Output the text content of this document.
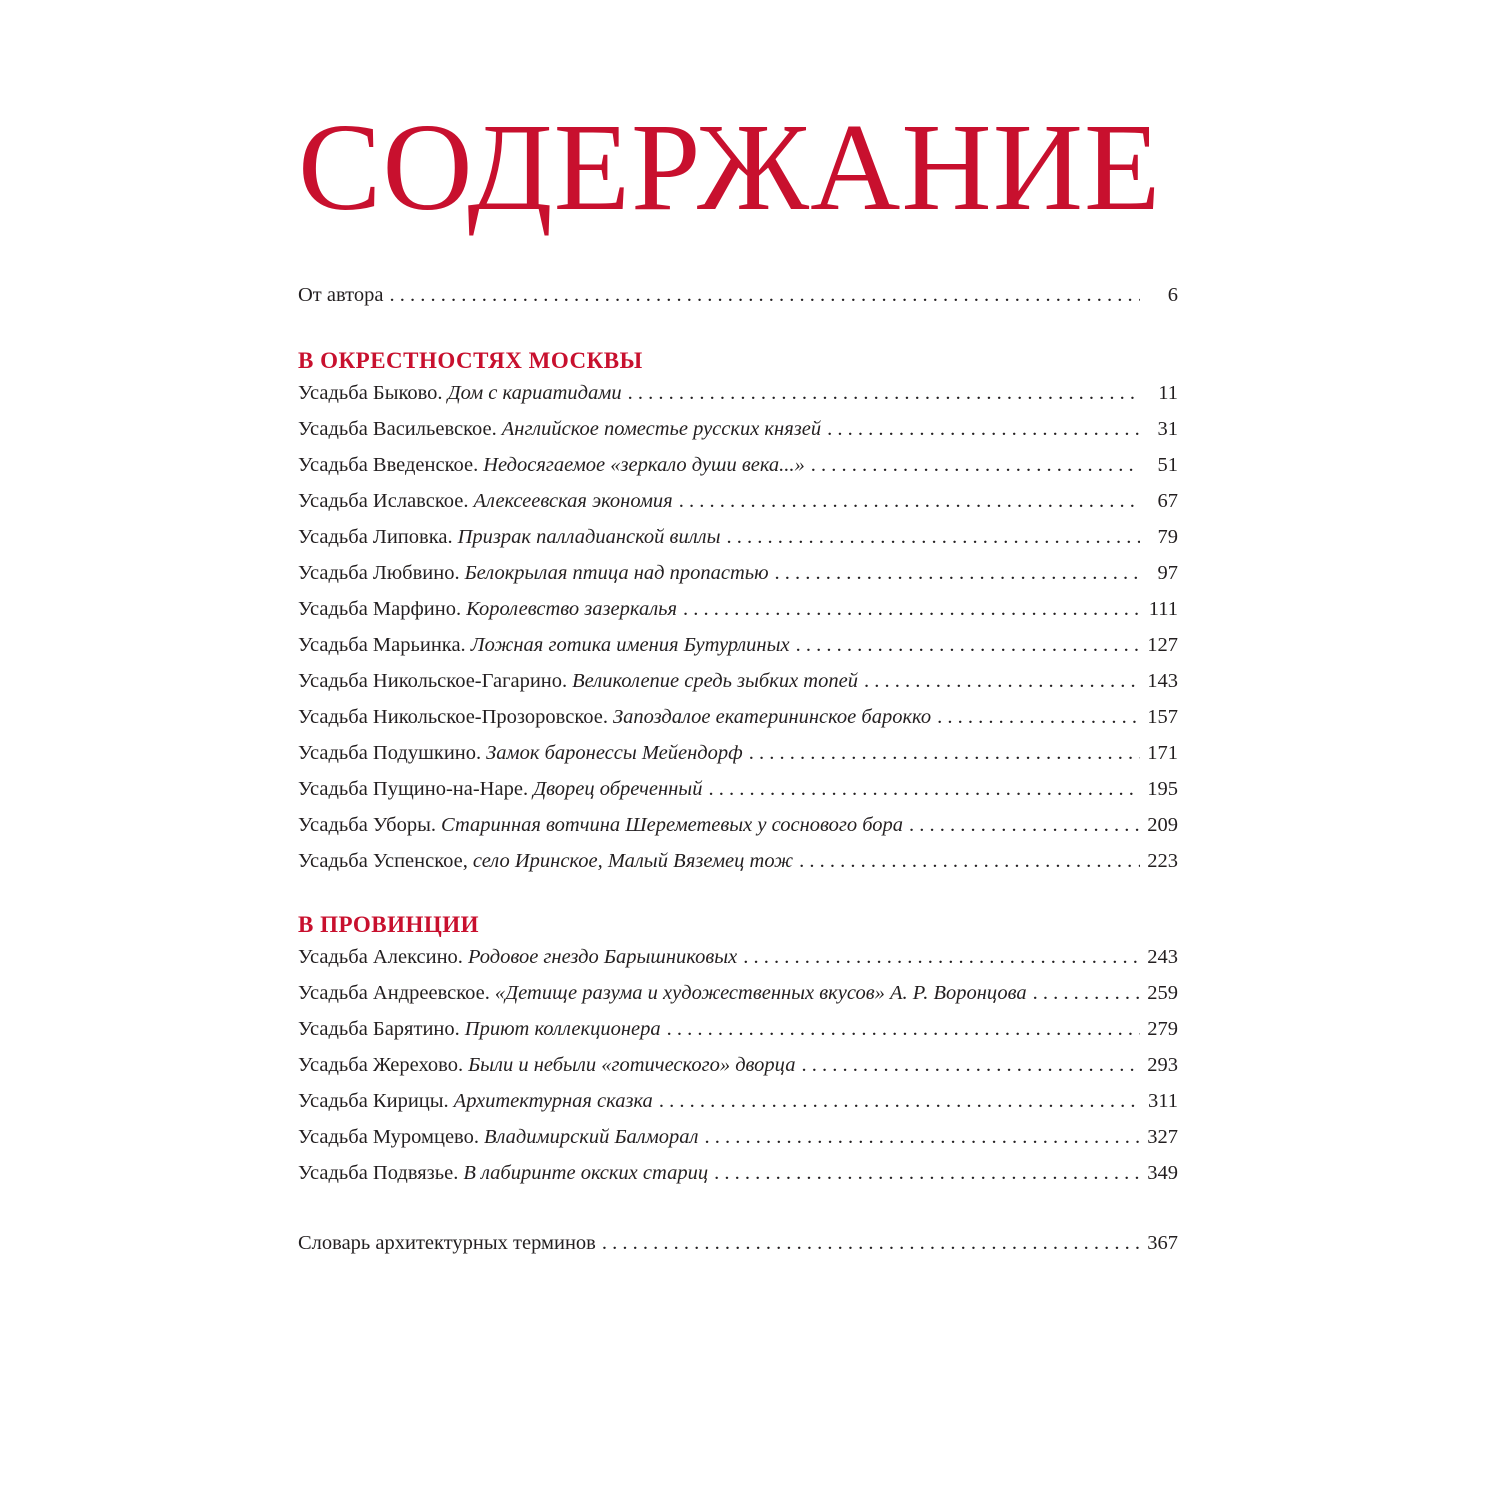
СОДЕРЖАНИЕ
От автора . . .	6
В ОКРЕСТНОСТЯХ МОСКВЫ
Усадьба Быково. Дом с кариатидами . . .	11
Усадьба Васильевское. Английское поместье русских князей . . .	31
Усадьба Введенское. Недосягаемое «зеркало души века...» . . .	51
Усадьба Иславское. Алексеевская экономия . . .	67
Усадьба Липовка. Призрак палладианской виллы . . .	79
Усадьба Любвино. Белокрылая птица над пропастью . . .	97
Усадьба Марфино. Королевство зазеркалья . . .	111
Усадьба Марьинка. Ложная готика имения Бутурлиных . . .	127
Усадьба Никольское-Гагарино. Великолепие средь зыбких топей . . .	143
Усадьба Никольское-Прозоровское. Запоздалое екатерининское барокко . . .	157
Усадьба Подушкино. Замок баронессы Мейендорф . . .	171
Усадьба Пущино-на-Наре. Дворец обреченный . . .	195
Усадьба Уборы. Старинная вотчина Шереметевых у соснового бора . . .	209
Усадьба Успенское, село Иринское, Малый Вяземец тож . . .	223
В ПРОВИНЦИИ
Усадьба Алексино. Родовое гнездо Барышниковых . . .	243
Усадьба Андреевское. «Детище разума и художественных вкусов» А. Р. Воронцова . . .	259
Усадьба Барятино. Приют коллекционера . . .	279
Усадьба Жерехово. Были и небыли «готического» дворца . . .	293
Усадьба Кирицы. Архитектурная сказка . . .	311
Усадьба Муромцево. Владимирский Балморал . . .	327
Усадьба Подвязье. В лабиринте окских стариц . . .	349
Словарь архитектурных терминов . . .	367
